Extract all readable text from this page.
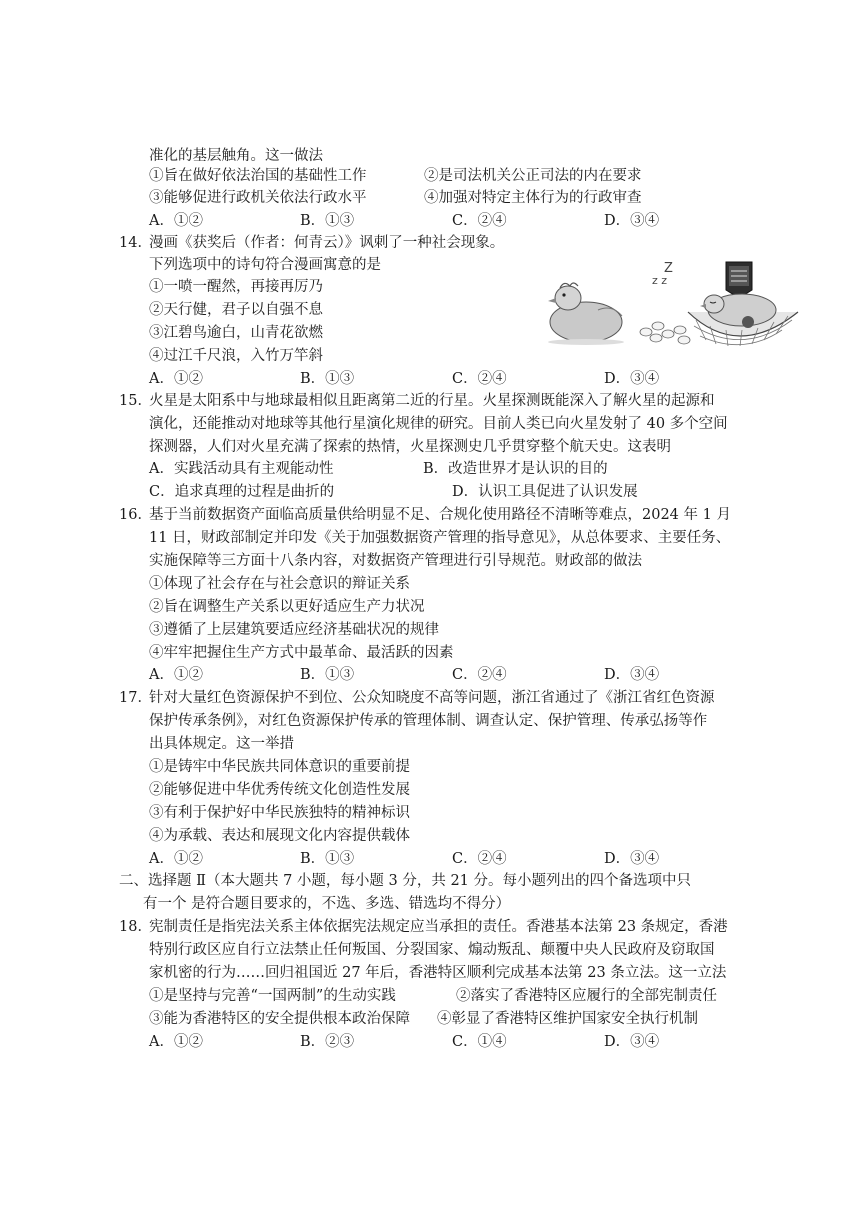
准化的基层触角。这一做法
①旨在做好依法治国的基础性工作	②是司法机关公正司法的内在要求
③能够促进行政机关依法行政水平	④加强对特定主体行为的行政审查
A．①②	B．①③	C．②④	D．③④
14．
漫画《获奖后（作者：何青云）》讽刺了一种社会现象。
下列选项中的诗句符合漫画寓意的是
①一喷一醒然，再接再厉乃
②天行健，君子以自强不息
③江碧鸟逾白，山青花欲燃
④过江千尺浪，入竹万竿斜
A．①②	B．①③	C．②④	D．③④
z z
Z
15．
火星是太阳系中与地球最相似且距离第二近的行星。火星探测既能深入了解火星的起源和
演化，还能推动对地球等其他行星演化规律的研究。目前人类已向火星发射了 40 多个空间
探测器，人们对火星充满了探索的热情，火星探测史几乎贯穿整个航天史。这表明
A．实践活动具有主观能动性	B．改造世界才是认识的目的
C．追求真理的过程是曲折的	D．认识工具促进了认识发展
16．
基于当前数据资产面临高质量供给明显不足、合规化使用路径不清晰等难点，2024 年 1 月
11 日，财政部制定并印发《关于加强数据资产管理的指导意见》，从总体要求、主要任务、
实施保障等三方面十八条内容，对数据资产管理进行引导规范。财政部的做法
①体现了社会存在与社会意识的辩证关系
②旨在调整生产关系以更好适应生产力状况
③遵循了上层建筑要适应经济基础状况的规律
④牢牢把握住生产方式中最革命、最活跃的因素
A．①②	B．①③	C．②④	D．③④
17．
针对大量红色资源保护不到位、公众知晓度不高等问题，浙江省通过了《浙江省红色资源
保护传承条例》，对红色资源保护传承的管理体制、调查认定、保护管理、传承弘扬等作
出具体规定。这一举措
①是铸牢中华民族共同体意识的重要前提
②能够促进中华优秀传统文化创造性发展
③有利于保护好中华民族独特的精神标识
④为承载、表达和展现文化内容提供载体
A．①②	B．①③	C．②④	D．③④
二、选择题 Ⅱ（本大题共 7 小题，每小题 3 分，共 21 分。每小题列出的四个备选项中只
有一个 是符合题目要求的，不选、多选、错选均不得分）
18．
宪制责任是指宪法关系主体依据宪法规定应当承担的责任。香港基本法第 23 条规定，香港
特别行政区应自行立法禁止任何叛国、分裂国家、煽动叛乱、颠覆中央人民政府及窃取国
家机密的行为……回归祖国近 27 年后，香港特区顺利完成基本法第 23 条立法。这一立法
①是坚持与完善“一国两制”的生动实践	②落实了香港特区应履行的全部宪制责任
③能为香港特区的安全提供根本政治保障 ④彰显了香港特区维护国家安全执行机制
A．①②	B．②③	C．①④	D．③④
